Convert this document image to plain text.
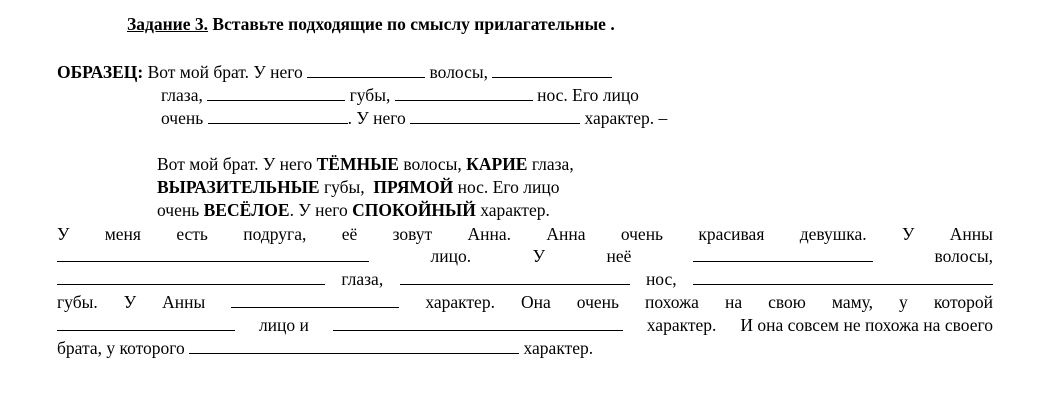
Задание 3. Вставьте подходящие по смыслу прилагательные .
ОБРАЗЕЦ: Вот мой брат. У него	волосы,
глаза,	губы,	нос. Его лицо
очень	. У него	характер. –
Вот мой брат. У него ТЁМНЫЕ волосы, КАРИЕ глаза,
ВЫРАЗИТЕЛЬНЫЕ губы,  ПРЯМОЙ нос. Его лицо
очень ВЕСЁЛОЕ. У него СПОКОЙНЫЙ характер.
У меня есть подруга, её зовут Анна. Анна очень красивая девушка. У Анны
лицо.	У	неё	волосы,
глаза,	нос,
губы. У Анны	характер. Она очень похожа на свою маму, у которой
лицо и	характер. И она совсем не похожа на своего
брата, у которого	характер.
